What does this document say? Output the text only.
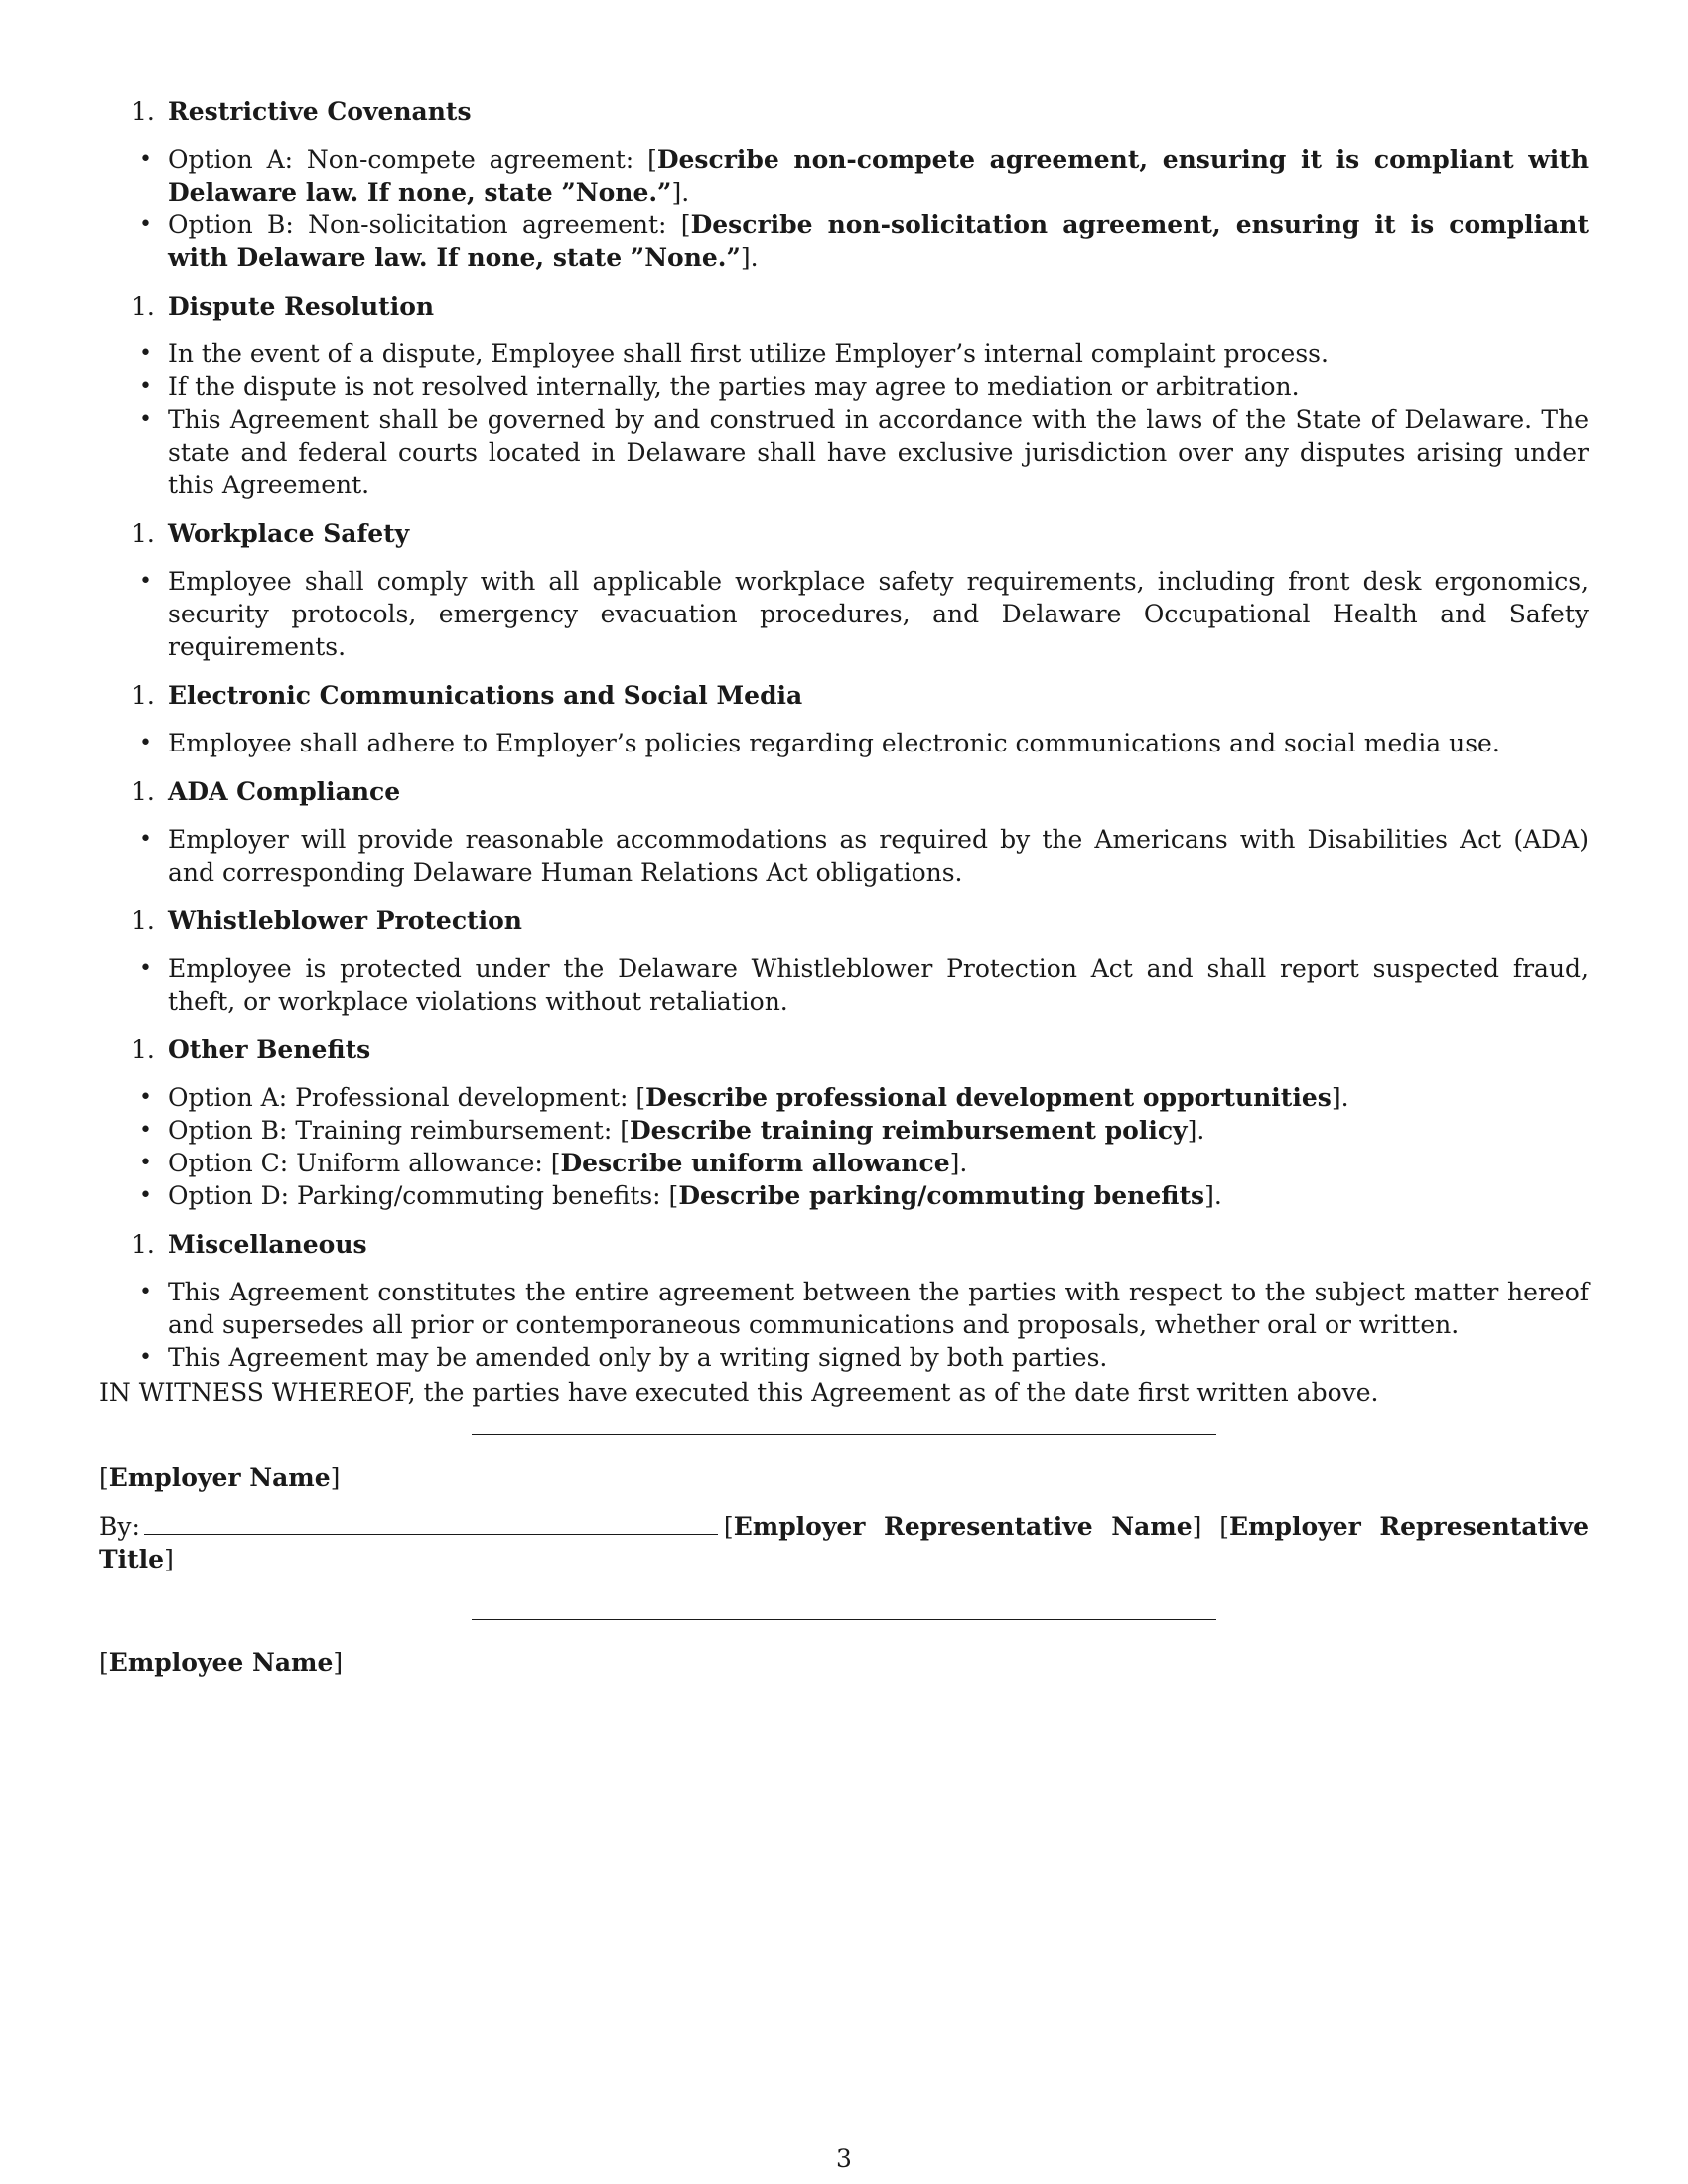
1. Restrictive Covenants
• Option A: Non-compete agreement: [Describe non-compete agreement, ensuring it is compliant with Delaware law. If none, state ”None.”].
• Option B: Non-solicitation agreement: [Describe non-solicitation agreement, ensuring it is compliant with Delaware law. If none, state ”None.”].
1. Dispute Resolution
• In the event of a dispute, Employee shall first utilize Employer’s internal complaint process.
• If the dispute is not resolved internally, the parties may agree to mediation or arbitration.
• This Agreement shall be governed by and construed in accordance with the laws of the State of Delaware. The state and federal courts located in Delaware shall have exclusive jurisdiction over any disputes arising under this Agreement.
1. Workplace Safety
• Employee shall comply with all applicable workplace safety requirements, including front desk ergonomics, security protocols, emergency evacuation procedures, and Delaware Occupational Health and Safety requirements.
1. Electronic Communications and Social Media
• Employee shall adhere to Employer’s policies regarding electronic communications and social media use.
1. ADA Compliance
• Employer will provide reasonable accommodations as required by the Americans with Disabilities Act (ADA) and corresponding Delaware Human Relations Act obligations.
1. Whistleblower Protection
• Employee is protected under the Delaware Whistleblower Protection Act and shall report suspected fraud, theft, or workplace violations without retaliation.
1. Other Benefits
• Option A: Professional development: [Describe professional development opportunities].
• Option B: Training reimbursement: [Describe training reimbursement policy].
• Option C: Uniform allowance: [Describe uniform allowance].
• Option D: Parking/commuting benefits: [Describe parking/commuting benefits].
1. Miscellaneous
• This Agreement constitutes the entire agreement between the parties with respect to the subject matter hereof and supersedes all prior or contemporaneous communications and proposals, whether oral or written.
• This Agreement may be amended only by a writing signed by both parties.

IN WITNESS WHEREOF, the parties have executed this Agreement as of the date first written above.

[Employer Name]
By:	[Employer Representative Name] [Employer Representative Title]
[Employee Name]
3
